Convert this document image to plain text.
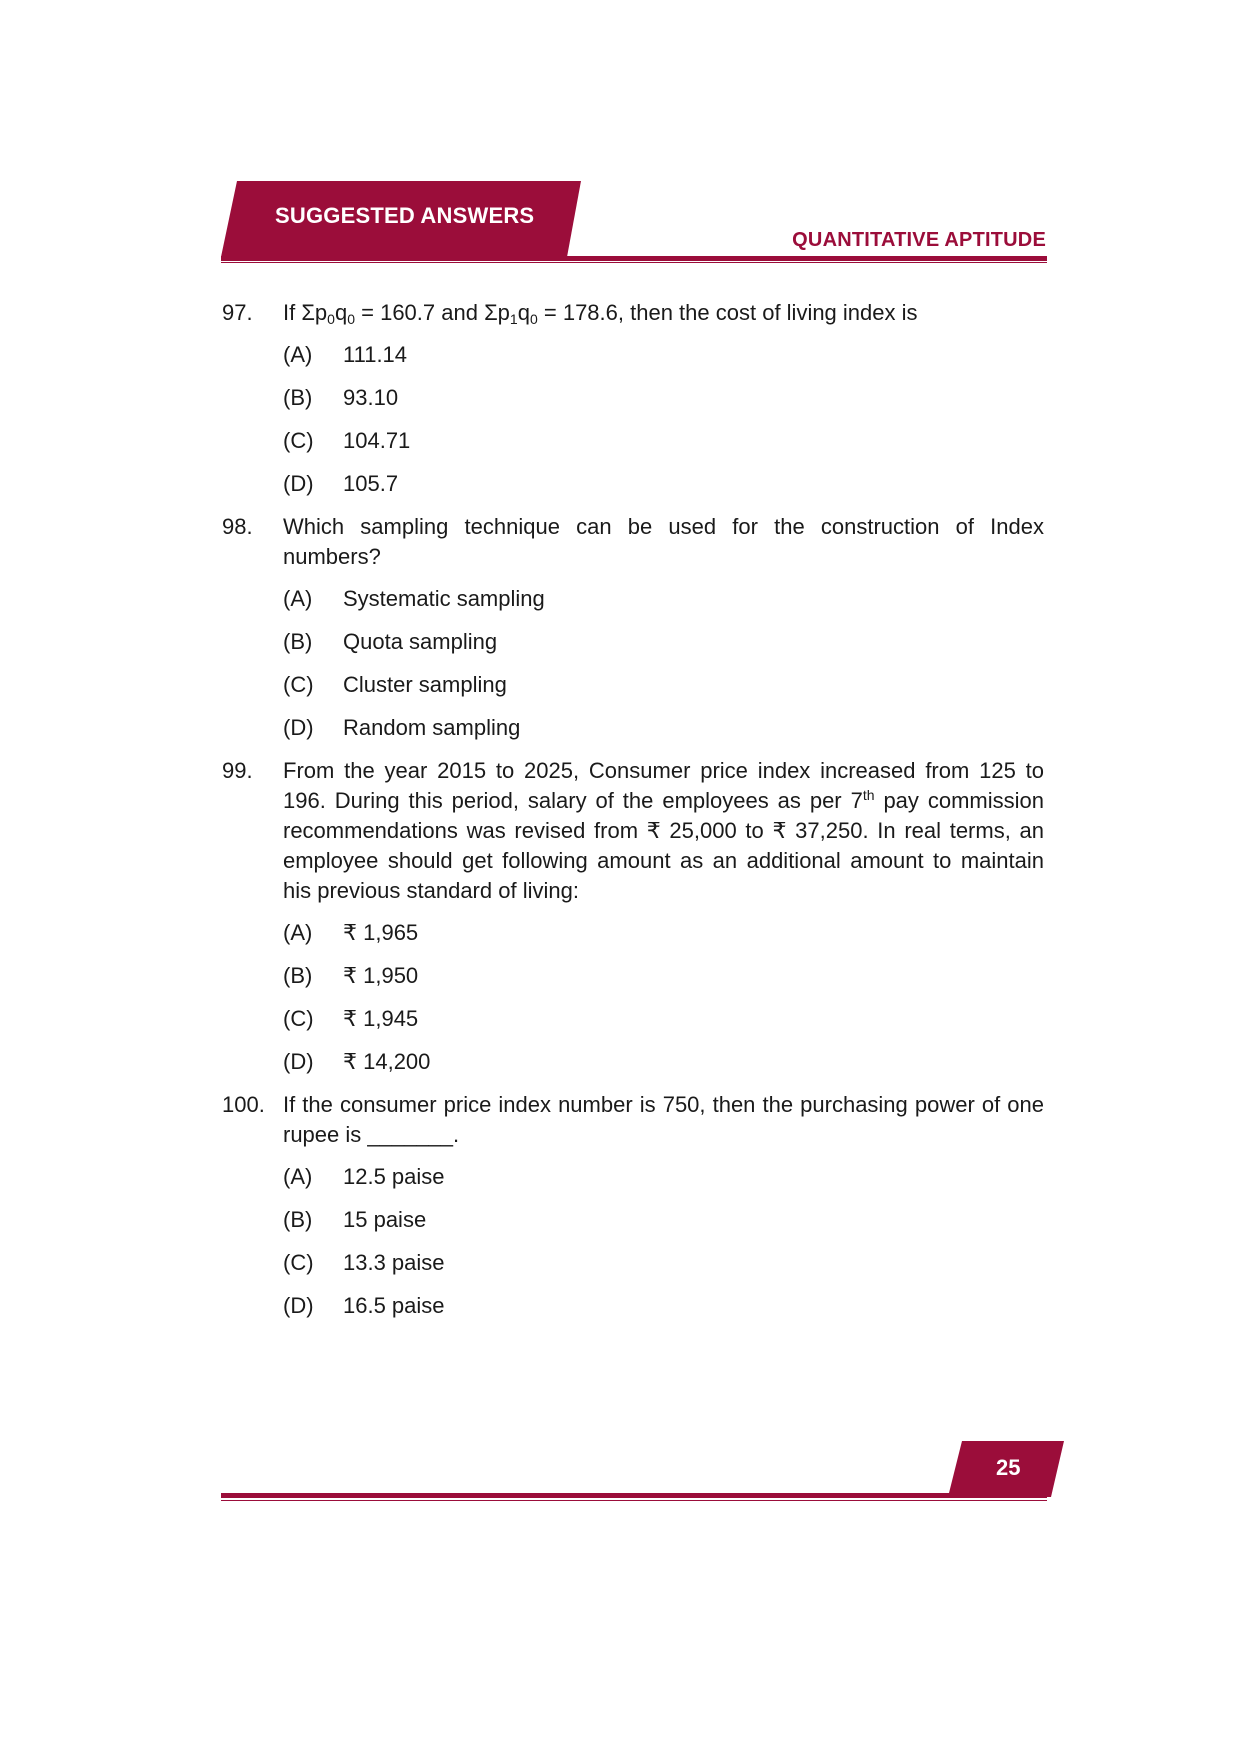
SUGGESTED ANSWERS
QUANTITATIVE APTITUDE
97. If $\Sigma p_0q_0 = 160.7$ and $\Sigma p_1q_0 = 178.6$, then the cost of living index is
(A) 111.14
(B) 93.10
(C) 104.71
(D) 105.7
98. Which sampling technique can be used for the construction of Index numbers?
(A) Systematic sampling
(B) Quota sampling
(C) Cluster sampling
(D) Random sampling
99. From the year 2015 to 2025, Consumer price index increased from 125 to 196. During this period, salary of the employees as per 7th pay commission recommendations was revised from ₹ 25,000 to ₹ 37,250. In real terms, an employee should get following amount as an additional amount to maintain his previous standard of living:
(A) ₹ 1,965
(B) ₹ 1,950
(C) ₹ 1,945
(D) ₹ 14,200
100. If the consumer price index number is 750, then the purchasing power of one rupee is _______.
(A) 12.5 paise
(B) 15 paise
(C) 13.3 paise
(D) 16.5 paise
25
